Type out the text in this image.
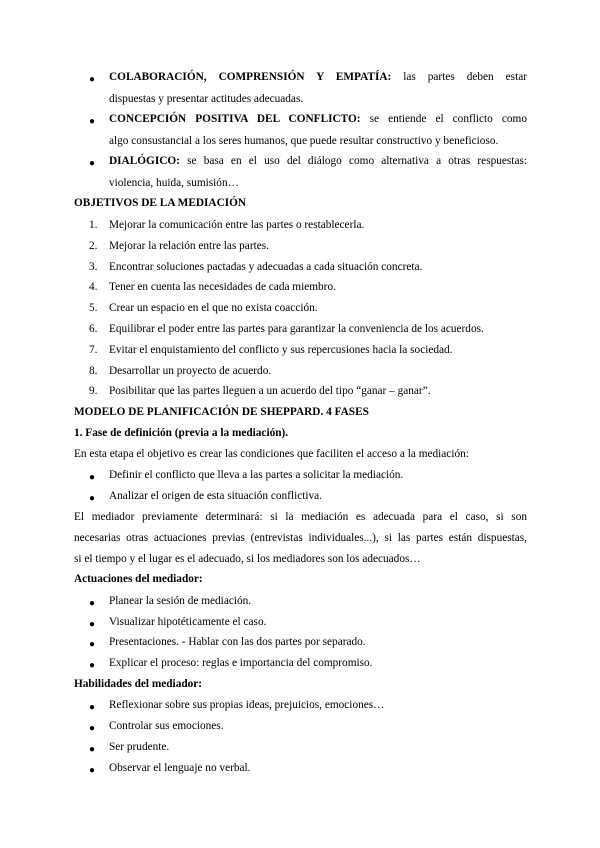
● COLABORACIÓN, COMPRENSIÓN Y EMPATÍA: las partes deben estar
dispuestas y presentar actitudes adecuadas.
● CONCEPCIÓN POSITIVA DEL CONFLICTO: se entiende el conflicto como
algo consustancial a los seres humanos, que puede resultar constructivo y beneficioso.
● DIALÓGICO: se basa en el uso del diálogo como alternativa a otras respuestas:
violencia, huida, sumisión…
OBJETIVOS DE LA MEDIACIÓN
1.	Mejorar la comunicación entre las partes o restablecerla.
2.	Mejorar la relación entre las partes.
3.	Encontrar soluciones pactadas y adecuadas a cada situación concreta.
4.	Tener en cuenta las necesidades de cada miembro.
5.	Crear un espacio en el que no exista coacción.
6.	Equilibrar el poder entre las partes para garantizar la conveniencia de los acuerdos.
7.	Evitar el enquistamiento del conflicto y sus repercusiones hacia la sociedad.
8.	Desarrollar un proyecto de acuerdo.
9.	Posibilitar que las partes lleguen a un acuerdo del tipo “ganar – ganar”.
MODELO DE PLANIFICACIÓN DE SHEPPARD. 4 FASES
1. Fase de definición (previa a la mediación).
En esta etapa el objetivo es crear las condiciones que faciliten el acceso a la mediación:
● Definir el conflicto que lleva a las partes a solicitar la mediación.
● Analizar el origen de esta situación conflictiva.
El mediador previamente determinará: si la mediación es adecuada para el caso, si son
necesarias otras actuaciones previas (entrevistas individuales...), si las partes están dispuestas,
si el tiempo y el lugar es el adecuado, si los mediadores son los adecuados…
Actuaciones del mediador:
● Planear la sesión de mediación.
● Visualizar hipotéticamente el caso.
● Presentaciones. - Hablar con las dos partes por separado.
● Explicar el proceso: reglas e importancia del compromiso.
Habilidades del mediador:
● Reflexionar sobre sus propias ideas, prejuicios, emociones…
● Controlar sus emociones.
● Ser prudente.
● Observar el lenguaje no verbal.
